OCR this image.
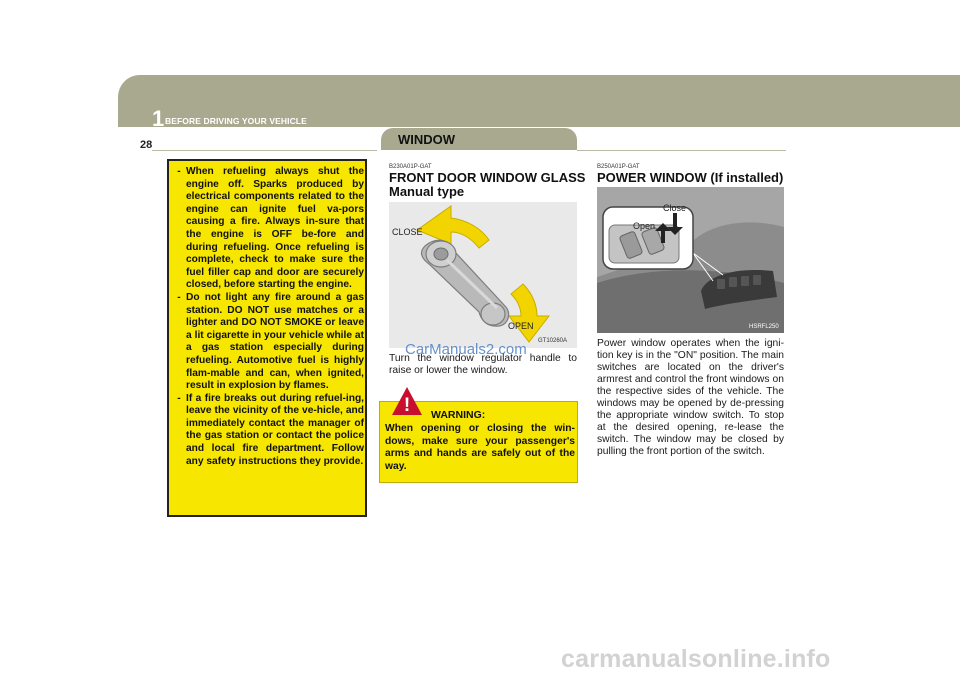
1 BEFORE DRIVING YOUR VEHICLE
28	WINDOW
- When refueling always shut the engine off. Sparks produced by electrical components related to the engine can ignite fuel va-pors causing a fire. Always in-sure that the engine is OFF be-fore and during refueling. Once refueling is complete, check to make sure the fuel filler cap and door are securely closed, before starting the engine.
- Do not light any fire around a gas station. DO NOT use matches or a lighter and DO NOT SMOKE or leave a lit cigarette in your vehicle while at a gas station especially during refueling. Automotive fuel is highly flam-mable and can, when ignited, result in explosion by flames.
- If a fire breaks out during refuel-ing, leave the vicinity of the ve-hicle, and immediately contact the manager of the gas station or contact the police and local fire department. Follow any safety instructions they provide.
B230A01P-GAT
FRONT DOOR WINDOW GLASS
Manual type
CLOSE
OPEN
GT10260A
CarManuals2.com

Turn the window regulator handle to raise or lower the window.

! WARNING:

When opening or closing the win-dows, make sure your passenger's arms and hands are safely out of the way.

B250A01P-GAT
POWER WINDOW (If installed)
Close
Open
HSRFL250

Power window operates when the igni-tion key is in the "ON" position. The main switches are located on the driver's armrest and control the front windows on the respective sides of the vehicle. The windows may be opened by de-pressing the appropriate window switch. To stop at the desired opening, re-lease the switch. The window may be closed by pulling the front portion of the switch.

carmanualsonline.info
